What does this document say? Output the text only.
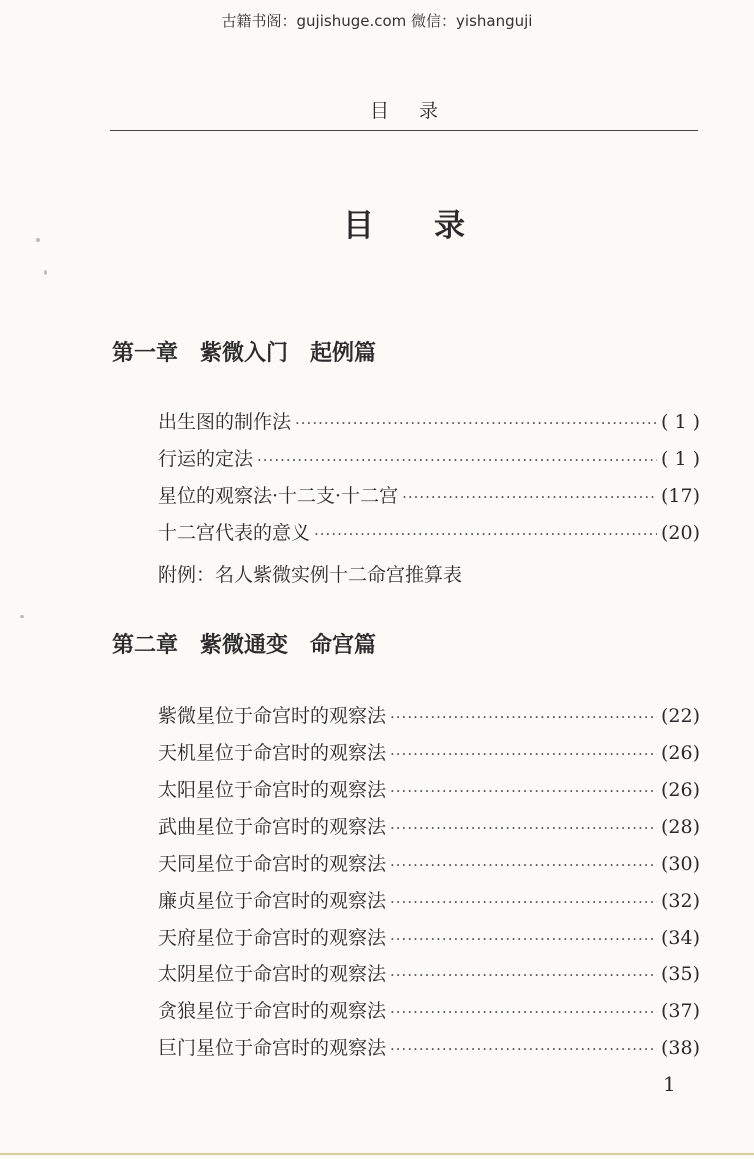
古籍书阁：gujishuge.com 微信：yishanguji
目录
目录
第一章　紫微入门　起例篇
出生图的制作法 ·····	( 1 )
行运的定法 ·····	( 1 )
星位的观察法·十二支·十二宫 ·····	(17)
十二宫代表的意义 ·····	(20)
附例：名人紫微实例十二命宫推算表
第二章　紫微通变　命宫篇
紫微星位于命宫时的观察法 ·····	(22)
天机星位于命宫时的观察法 ·····	(26)
太阳星位于命宫时的观察法 ·····	(26)
武曲星位于命宫时的观察法 ·····	(28)
天同星位于命宫时的观察法 ·····	(30)
廉贞星位于命宫时的观察法 ·····	(32)
天府星位于命宫时的观察法 ·····	(34)
太阴星位于命宫时的观察法 ·····	(35)
贪狼星位于命宫时的观察法 ·····	(37)
巨门星位于命宫时的观察法 ·····	(38)
1
